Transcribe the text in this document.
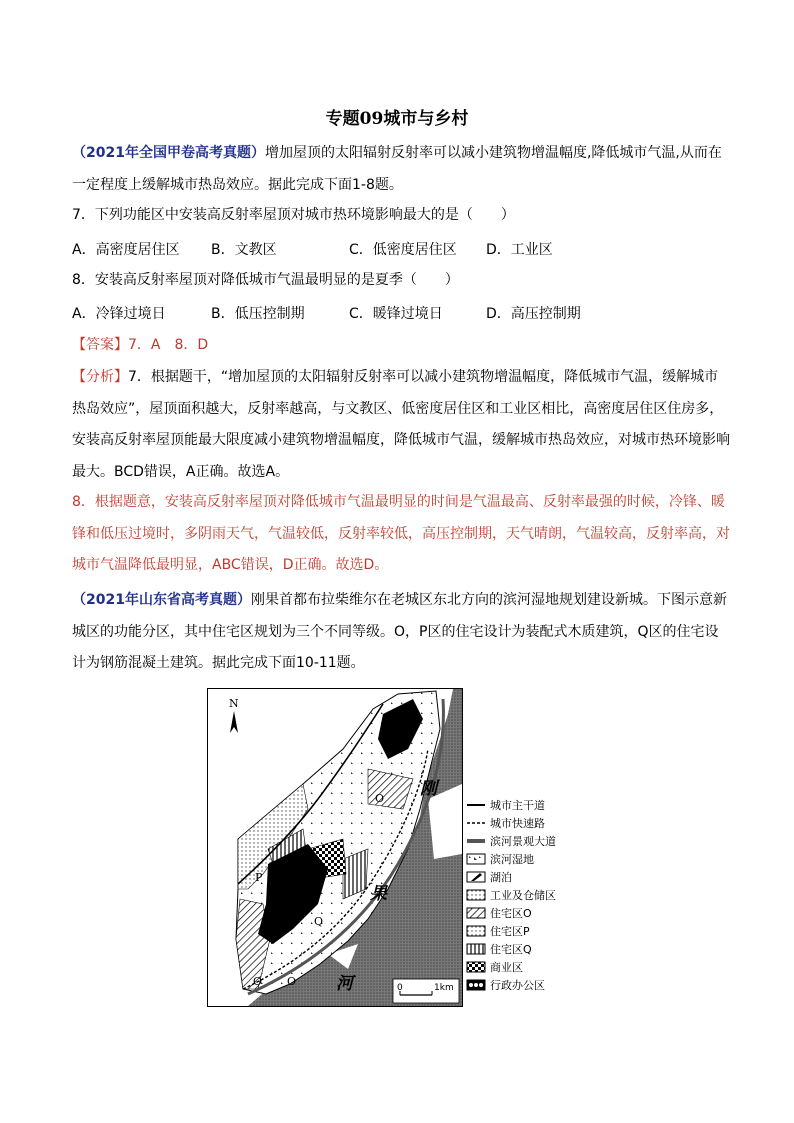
专题09城市与乡村
（2021年全国甲卷高考真题）增加屋顶的太阳辐射反射率可以减小建筑物增温幅度,降低城市气温,从而在一定程度上缓解城市热岛效应。据此完成下面1-8题。
7．下列功能区中安装高反射率屋顶对城市热环境影响最大的是（　　）
A．高密度居住区 B．文教区	C．低密度居住区 D．工业区
8．安装高反射率屋顶对降低城市气温最明显的是夏季（　　）
A．冷锋过境日	B．低压控制期	C．暖锋过境日	D．高压控制期
【答案】7．A　8．D
【分析】7．根据题干，“增加屋顶的太阳辐射反射率可以减小建筑物增温幅度，降低城市气温，缓解城市热岛效应”，屋顶面积越大，反射率越高，与文教区、低密度居住区和工业区相比，高密度居住区住房多，安装高反射率屋顶能最大限度减小建筑物增温幅度，降低城市气温，缓解城市热岛效应，对城市热环境影响最大。BCD错误，A正确。故选A。
8．根据题意，安装高反射率屋顶对降低城市气温最明显的时间是气温最高、反射率最强的时候，冷锋、暖锋和低压过境时，多阴雨天气，气温较低，反射率较低，高压控制期，天气晴朗，气温较高，反射率高，对城市气温降低最明显，ABC错误，D正确。故选D。
（2021年山东省高考真题）刚果首都布拉柴维尔在老城区东北方向的滨河湿地规划建设新城。下图示意新城区的功能分区，其中住宅区规划为三个不同等级。O，P区的住宅设计为装配式木质建筑，Q区的住宅设计为钢筋混凝土建筑。据此完成下面10-11题。
N
O
P
Q
O O
刚
果
河	0	1km
城市主干道
城市快速路
滨河景观大道
滨河湿地
湖泊
工业及仓储区
住宅区O
住宅区P
住宅区Q
商业区
行政办公区
